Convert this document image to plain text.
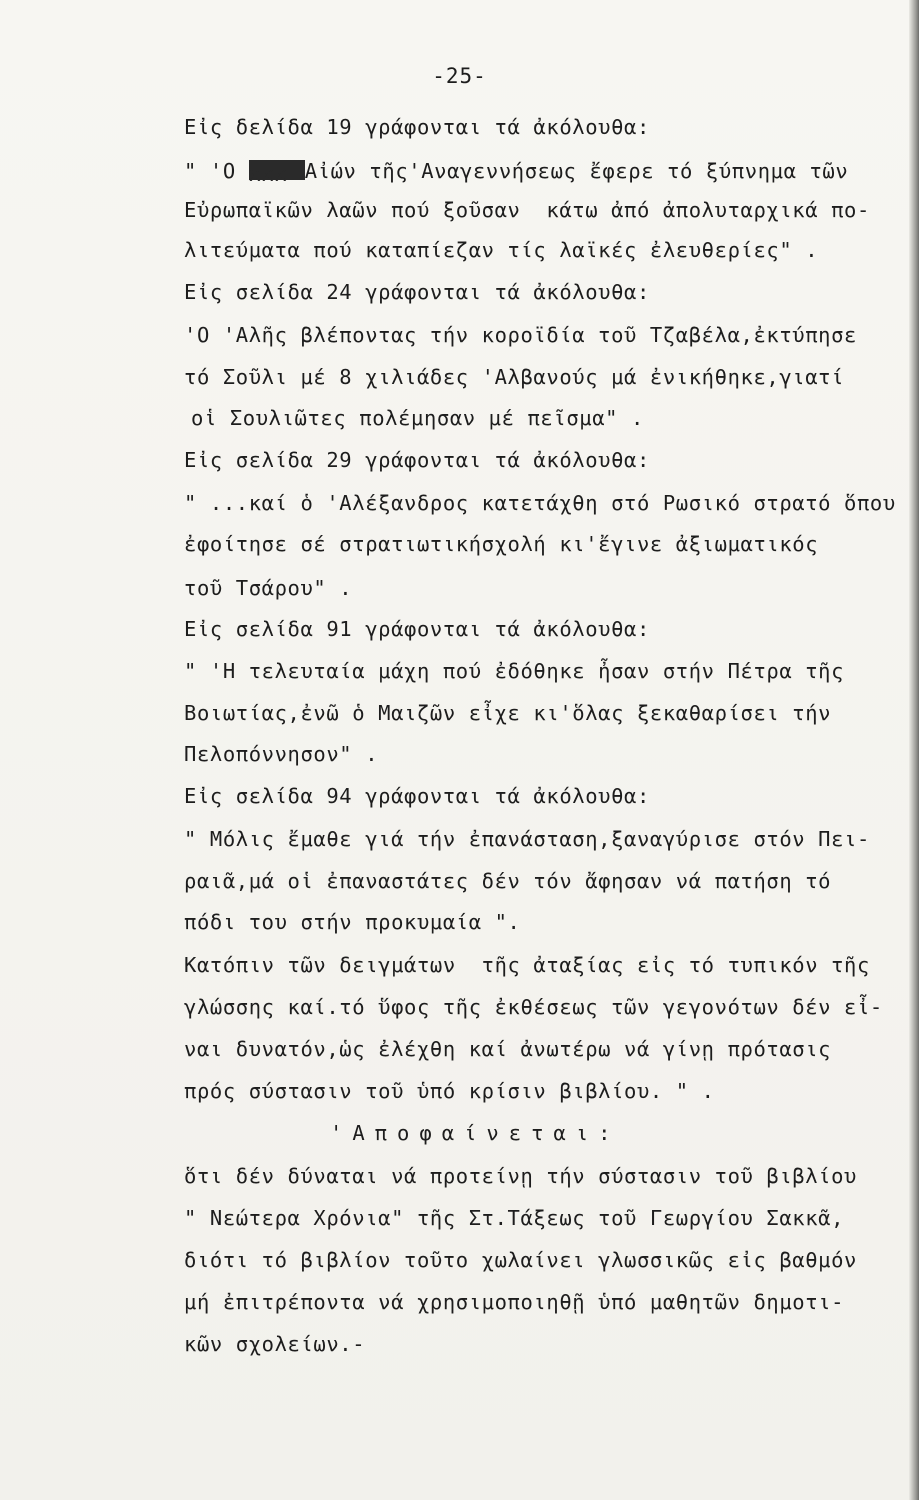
-25-
Εἰς δελίδα 19 γράφονται τά ἀκόλουθα:
" 'Ο xxx Αἰών τῆς'Αναγεννήσεως ἔφερε τό ξύπνημα τῶν
Εὐρωπαϊκῶν λαῶν πού ξοῦσαν  κάτω ἀπό ἀπολυταρχικά πο-
λιτεύματα πού καταπίεζαν τίς λαϊκές ἐλευθερίες" .
Εἰς σελίδα 24 γράφονται τά ἀκόλουθα:
'Ο 'Αλῆς βλέποντας τήν κοροϊδία τοῦ Τζαβέλα,ἐκτύπησε
τό Σοῦλι μέ 8 χιλιάδες 'Αλβανούς μά ἐνικήθηκε,γιατί
οἱ Σουλιῶτες πολέμησαν μέ πεῖσμα" .
Εἰς σελίδα 29 γράφονται τά ἀκόλουθα:
" ...καί ὁ 'Αλέξανδρος κατετάχθη στό Ρωσικό στρατό ὅπου
ἐφοίτησε σέ στρατιωτικήσχολή κι'ἔγινε ἀξιωματικός
τοῦ Τσάρου" .
Εἰς σελίδα 91 γράφονται τά ἀκόλουθα:
" 'Η τελευταία μάχη πού ἐδόθηκε ἦσαν στήν Πέτρα τῆς
Βοιωτίας,ἐνῶ ὁ Μαιζῶν εἶχε κι'ὅλας ξεκαθαρίσει τήν
Πελοπόννησον" .
Εἰς σελίδα 94 γράφονται τά ἀκόλουθα:
" Μόλις ἔμαθε γιά τήν ἐπανάσταση,ξαναγύρισε στόν Πει-
ραιᾶ,μά οἱ ἐπαναστάτες δέν τόν ἄφησαν νά πατήση τό
πόδι του στήν προκυμαία ".
Κατόπιν τῶν δειγμάτων  τῆς ἀταξίας εἰς τό τυπικόν τῆς
γλώσσης καί.τό ὕφος τῆς ἐκθέσεως τῶν γεγονότων δέν εἶ-
ναι δυνατόν,ὡς ἐλέχθη καί ἀνωτέρω νά γίνῃ πρότασις
πρός σύστασιν τοῦ ὑπό κρίσιν βιβλίου. " .
'Αποφαίνεται:
ὅτι δέν δύναται νά προτείνῃ τήν σύστασιν τοῦ βιβλίου
" Νεώτερα Χρόνια" τῆς Στ.Τάξεως τοῦ Γεωργίου Σακκᾶ,
διότι τό βιβλίον τοῦτο χωλαίνει γλωσσικῶς εἰς βαθμόν
μή ἐπιτρέποντα νά χρησιμοποιηθῇ ὑπό μαθητῶν δημοτι-
κῶν σχολείων.-
